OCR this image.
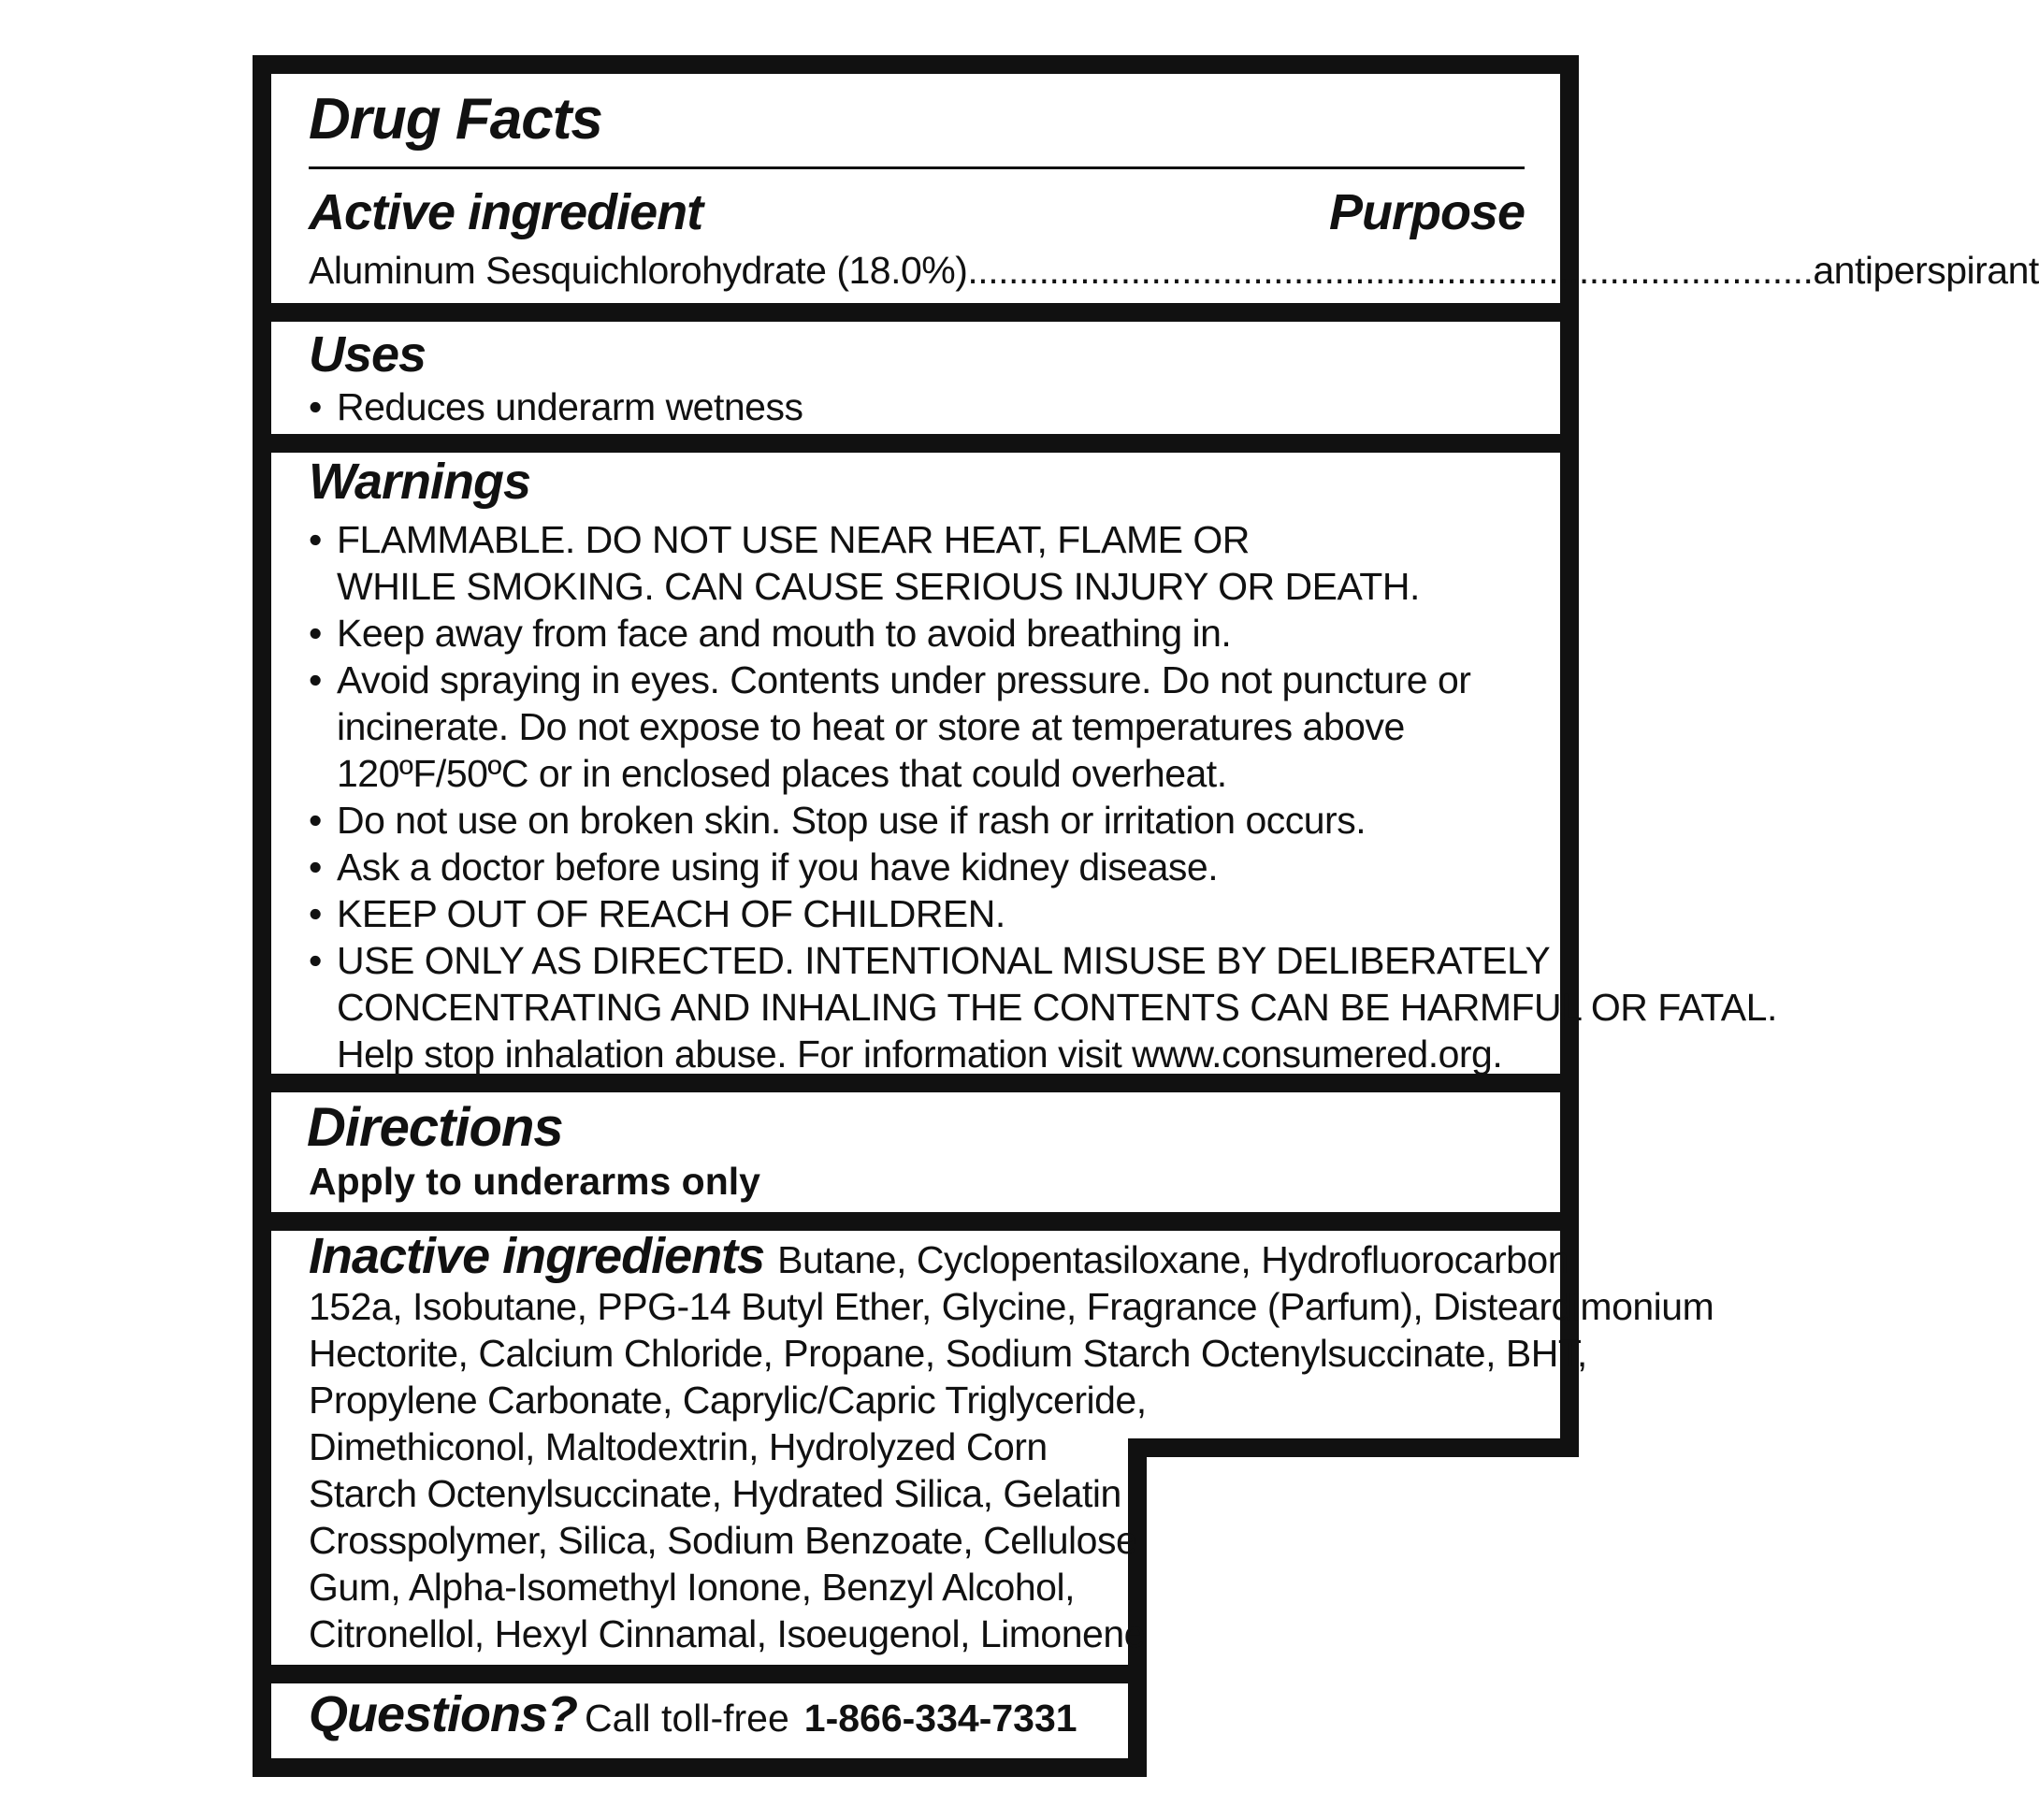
Drug Facts
Active ingredient	Purpose
Aluminum Sesquichlorohydrate (18.0%) ................................................................................... antiperspirant
Uses
• Reduces underarm wetness
Warnings
• FLAMMABLE. DO NOT USE NEAR HEAT, FLAME OR
WHILE SMOKING. CAN CAUSE SERIOUS INJURY OR DEATH.
• Keep away from face and mouth to avoid breathing in.
• Avoid spraying in eyes. Contents under pressure. Do not puncture or
incinerate. Do not expose to heat or store at temperatures above
120ºF/50ºC or in enclosed places that could overheat.
• Do not use on broken skin. Stop use if rash or irritation occurs.
• Ask a doctor before using if you have kidney disease.
• KEEP OUT OF REACH OF CHILDREN.
• USE ONLY AS DIRECTED. INTENTIONAL MISUSE BY DELIBERATELY
CONCENTRATING AND INHALING THE CONTENTS CAN BE HARMFUL OR FATAL.
Help stop inhalation abuse. For information visit www.consumered.org.
Directions
Apply to underarms only
Inactive ingredients Butane, Cyclopentasiloxane, Hydrofluorocarbon
152a, Isobutane, PPG-14 Butyl Ether, Glycine, Fragrance (Parfum), Disteardimonium
Hectorite, Calcium Chloride, Propane, Sodium Starch Octenylsuccinate, BHT,
Propylene Carbonate, Caprylic/Capric Triglyceride,
Dimethiconol, Maltodextrin, Hydrolyzed Corn
Starch Octenylsuccinate, Hydrated Silica, Gelatin
Crosspolymer, Silica, Sodium Benzoate, Cellulose
Gum, Alpha-Isomethyl Ionone, Benzyl Alcohol,
Citronellol, Hexyl Cinnamal, Isoeugenol, Limonene
Questions? Call toll-free 1-866-334-7331
